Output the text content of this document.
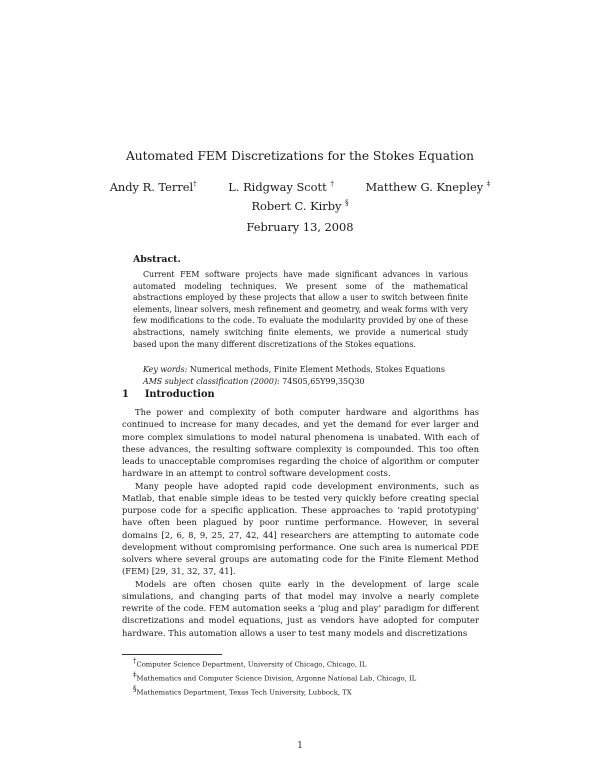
Automated FEM Discretizations for the Stokes Equation
Andy R. Terrel†	L. Ridgway Scott †	Matthew G. Knepley ‡
Robert C. Kirby §
February 13, 2008
Abstract.
Current FEM software projects have made significant advances in various automated modeling techniques. We present some of the mathematical abstractions employed by these projects that allow a user to switch between finite elements, linear solvers, mesh refinement and geometry, and weak forms with very few modifications to the code. To evaluate the modularity provided by one of these abstractions, namely switching finite elements, we provide a numerical study based upon the many different discretizations of the Stokes equations.
Key words: Numerical methods, Finite Element Methods, Stokes Equations
AMS subject classification (2000): 74S05,65Y99,35Q30
1 Introduction

The power and complexity of both computer hardware and algorithms has continued to increase for many decades, and yet the demand for ever larger and more complex simulations to model natural phenomena is unabated. With each of these advances, the resulting software complexity is compounded. This too often leads to unacceptable compromises regarding the choice of algorithm or computer hardware in an attempt to control software development costs.

Many people have adopted rapid code development environments, such as Matlab, that enable simple ideas to be tested very quickly before creating special purpose code for a specific application. These approaches to ‘rapid prototyping’ have often been plagued by poor runtime performance. However, in several domains [2, 6, 8, 9, 25, 27, 42, 44] researchers are attempting to automate code development without compromising performance. One such area is numerical PDE solvers where several groups are automating code for the Finite Element Method (FEM) [29, 31, 32, 37, 41].

Models are often chosen quite early in the development of large scale simulations, and changing parts of that model may involve a nearly complete rewrite of the code. FEM automation seeks a ‘plug and play’ paradigm for different discretizations and model equations, just as vendors have adopted for computer hardware. This automation allows a user to test many models and discretizations

†Computer Science Department, University of Chicago, Chicago, IL
‡Mathematics and Computer Science Division, Argonne National Lab, Chicago, IL
§Mathematics Department, Texas Tech University, Lubbock, TX
1
